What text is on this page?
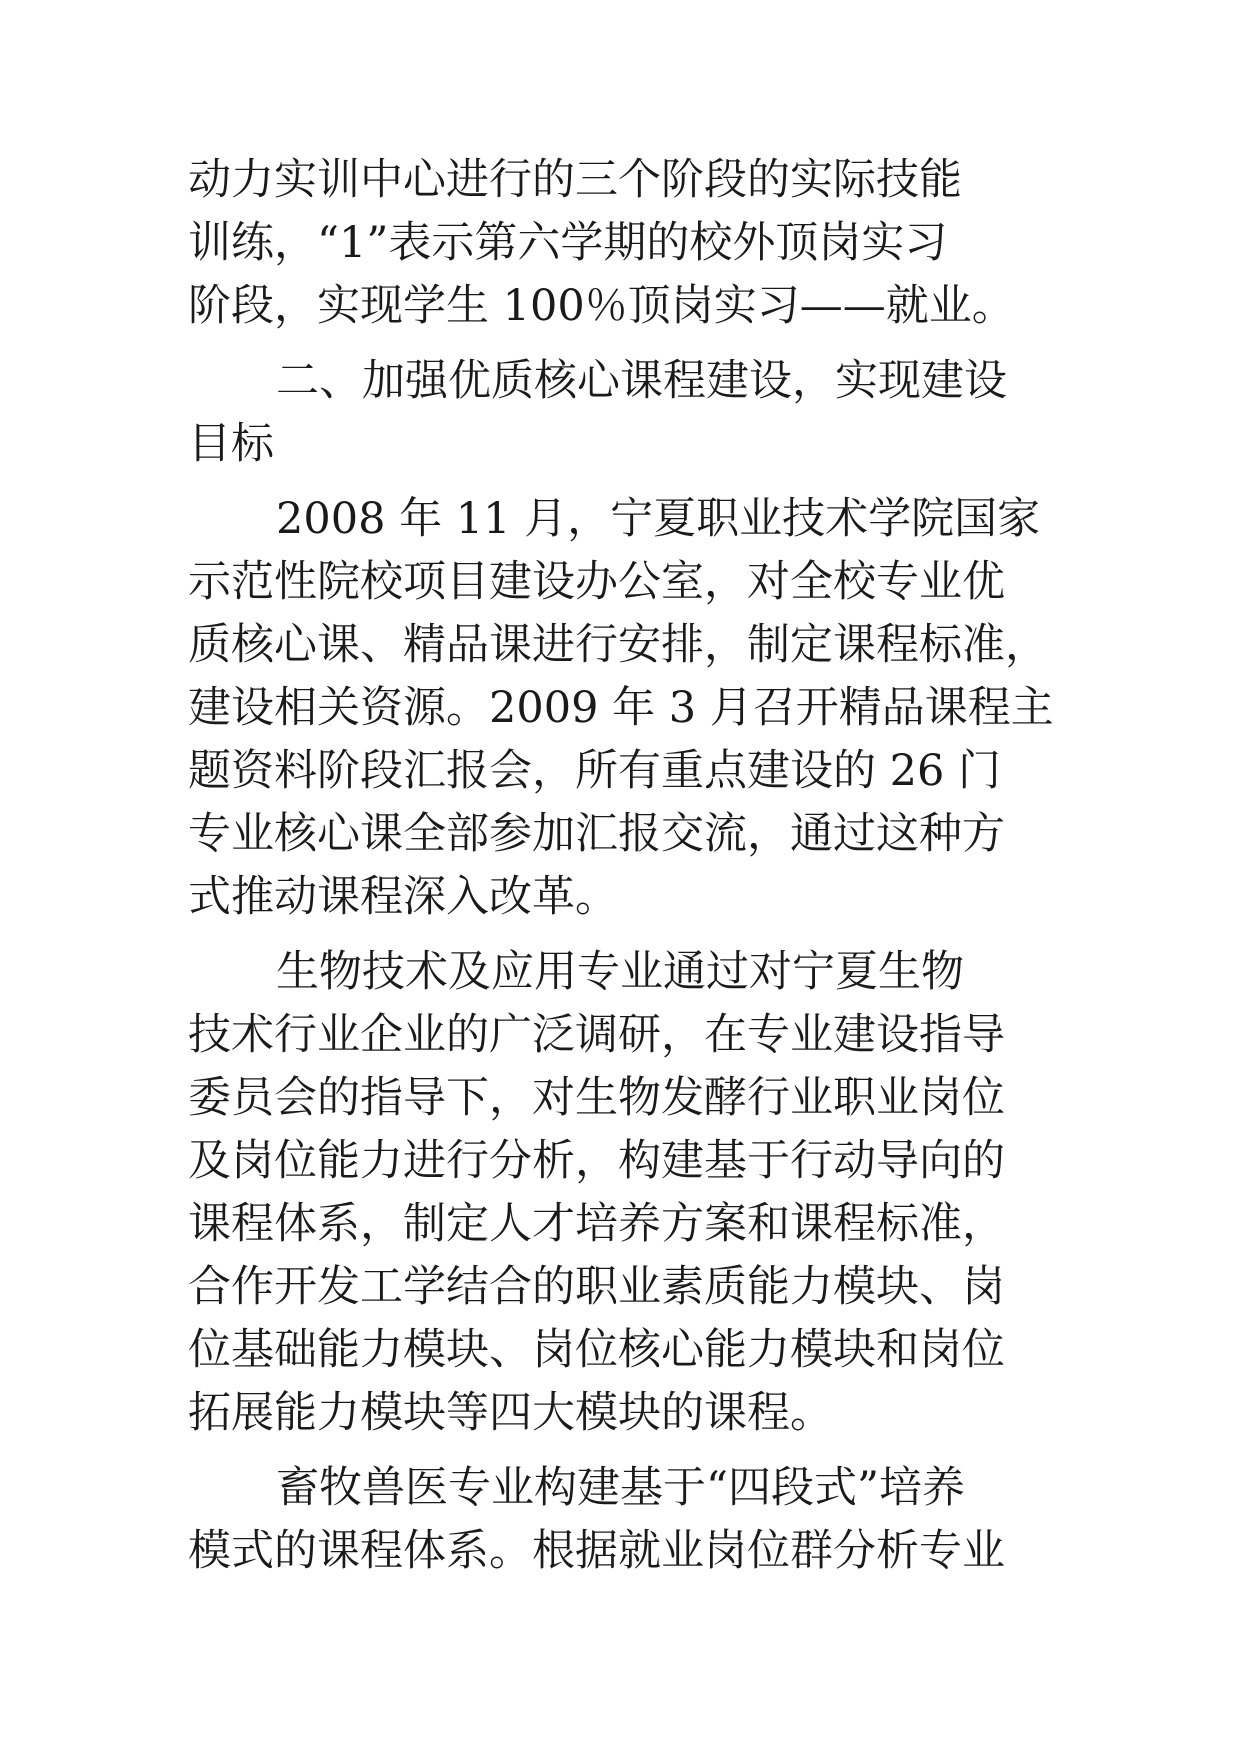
动力实训中心进行的三个阶段的实际技能
训练，“1”表示第六学期的校外顶岗实习
阶段，实现学生 100％顶岗实习——就业。
二、加强优质核心课程建设，实现建设
目标
2008 年 11 月，宁夏职业技术学院国家
示范性院校项目建设办公室，对全校专业优
质核心课、精品课进行安排，制定课程标准，
建设相关资源。2009 年 3 月召开精品课程主
题资料阶段汇报会，所有重点建设的 26 门
专业核心课全部参加汇报交流，通过这种方
式推动课程深入改革。
生物技术及应用专业通过对宁夏生物
技术行业企业的广泛调研，在专业建设指导
委员会的指导下，对生物发酵行业职业岗位
及岗位能力进行分析，构建基于行动导向的
课程体系，制定人才培养方案和课程标准，
合作开发工学结合的职业素质能力模块、岗
位基础能力模块、岗位核心能力模块和岗位
拓展能力模块等四大模块的课程。
畜牧兽医专业构建基于“四段式”培养
模式的课程体系。根据就业岗位群分析专业
